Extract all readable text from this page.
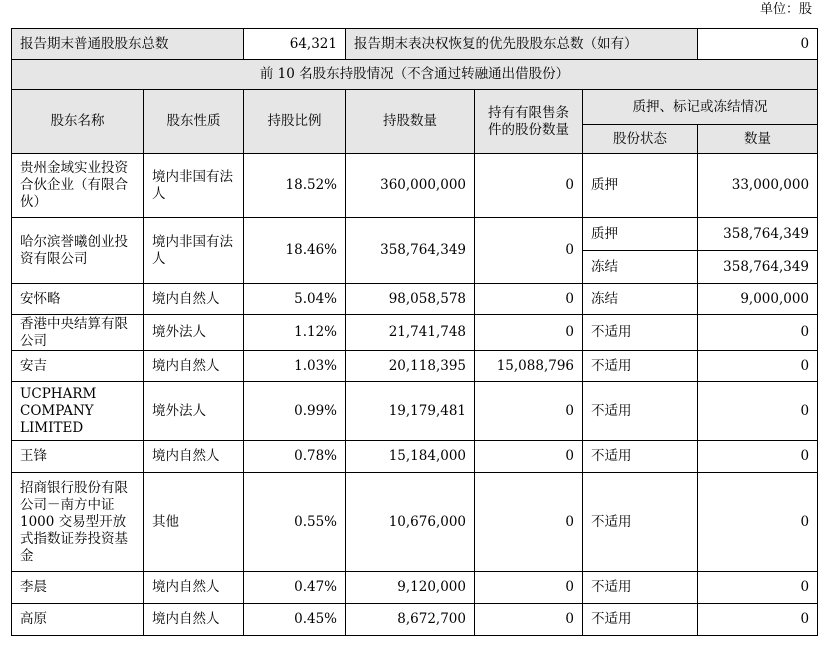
单位：股
报告期末普通股股东总数		64,321	报告期末表决权恢复的优先股股东总数（如有）			0
前 10 名股东持股情况（不含通过转融通出借股份）						
股东名称	股东性质	持股比例	持股数量	持有有限售条件的股份数量	质押、标记或冻结情况	
					股份状态	数量
贵州金域实业投资合伙企业（有限合伙）	境内非国有法人	18.52%	360,000,000	0	质押	33,000,000
哈尔滨誉曦创业投资有限公司	境内非国有法人	18.46%	358,764,349	0	质押	358,764,349
					冻结	358,764,349
安怀略	境内自然人	5.04%	98,058,578	0	冻结	9,000,000
香港中央结算有限公司	境外法人	1.12%	21,741,748	0	不适用	0
安吉	境内自然人	1.03%	20,118,395	15,088,796	不适用	0
UCPHARM COMPANY LIMITED	境外法人	0.99%	19,179,481	0	不适用	0
王锋	境内自然人	0.78%	15,184,000	0	不适用	0
招商银行股份有限公司－南方中证 1000 交易型开放式指数证券投资基金	其他	0.55%	10,676,000	0	不适用	0
李晨	境内自然人	0.47%	9,120,000	0	不适用	0
高原	境内自然人	0.45%	8,672,700	0	不适用	0
